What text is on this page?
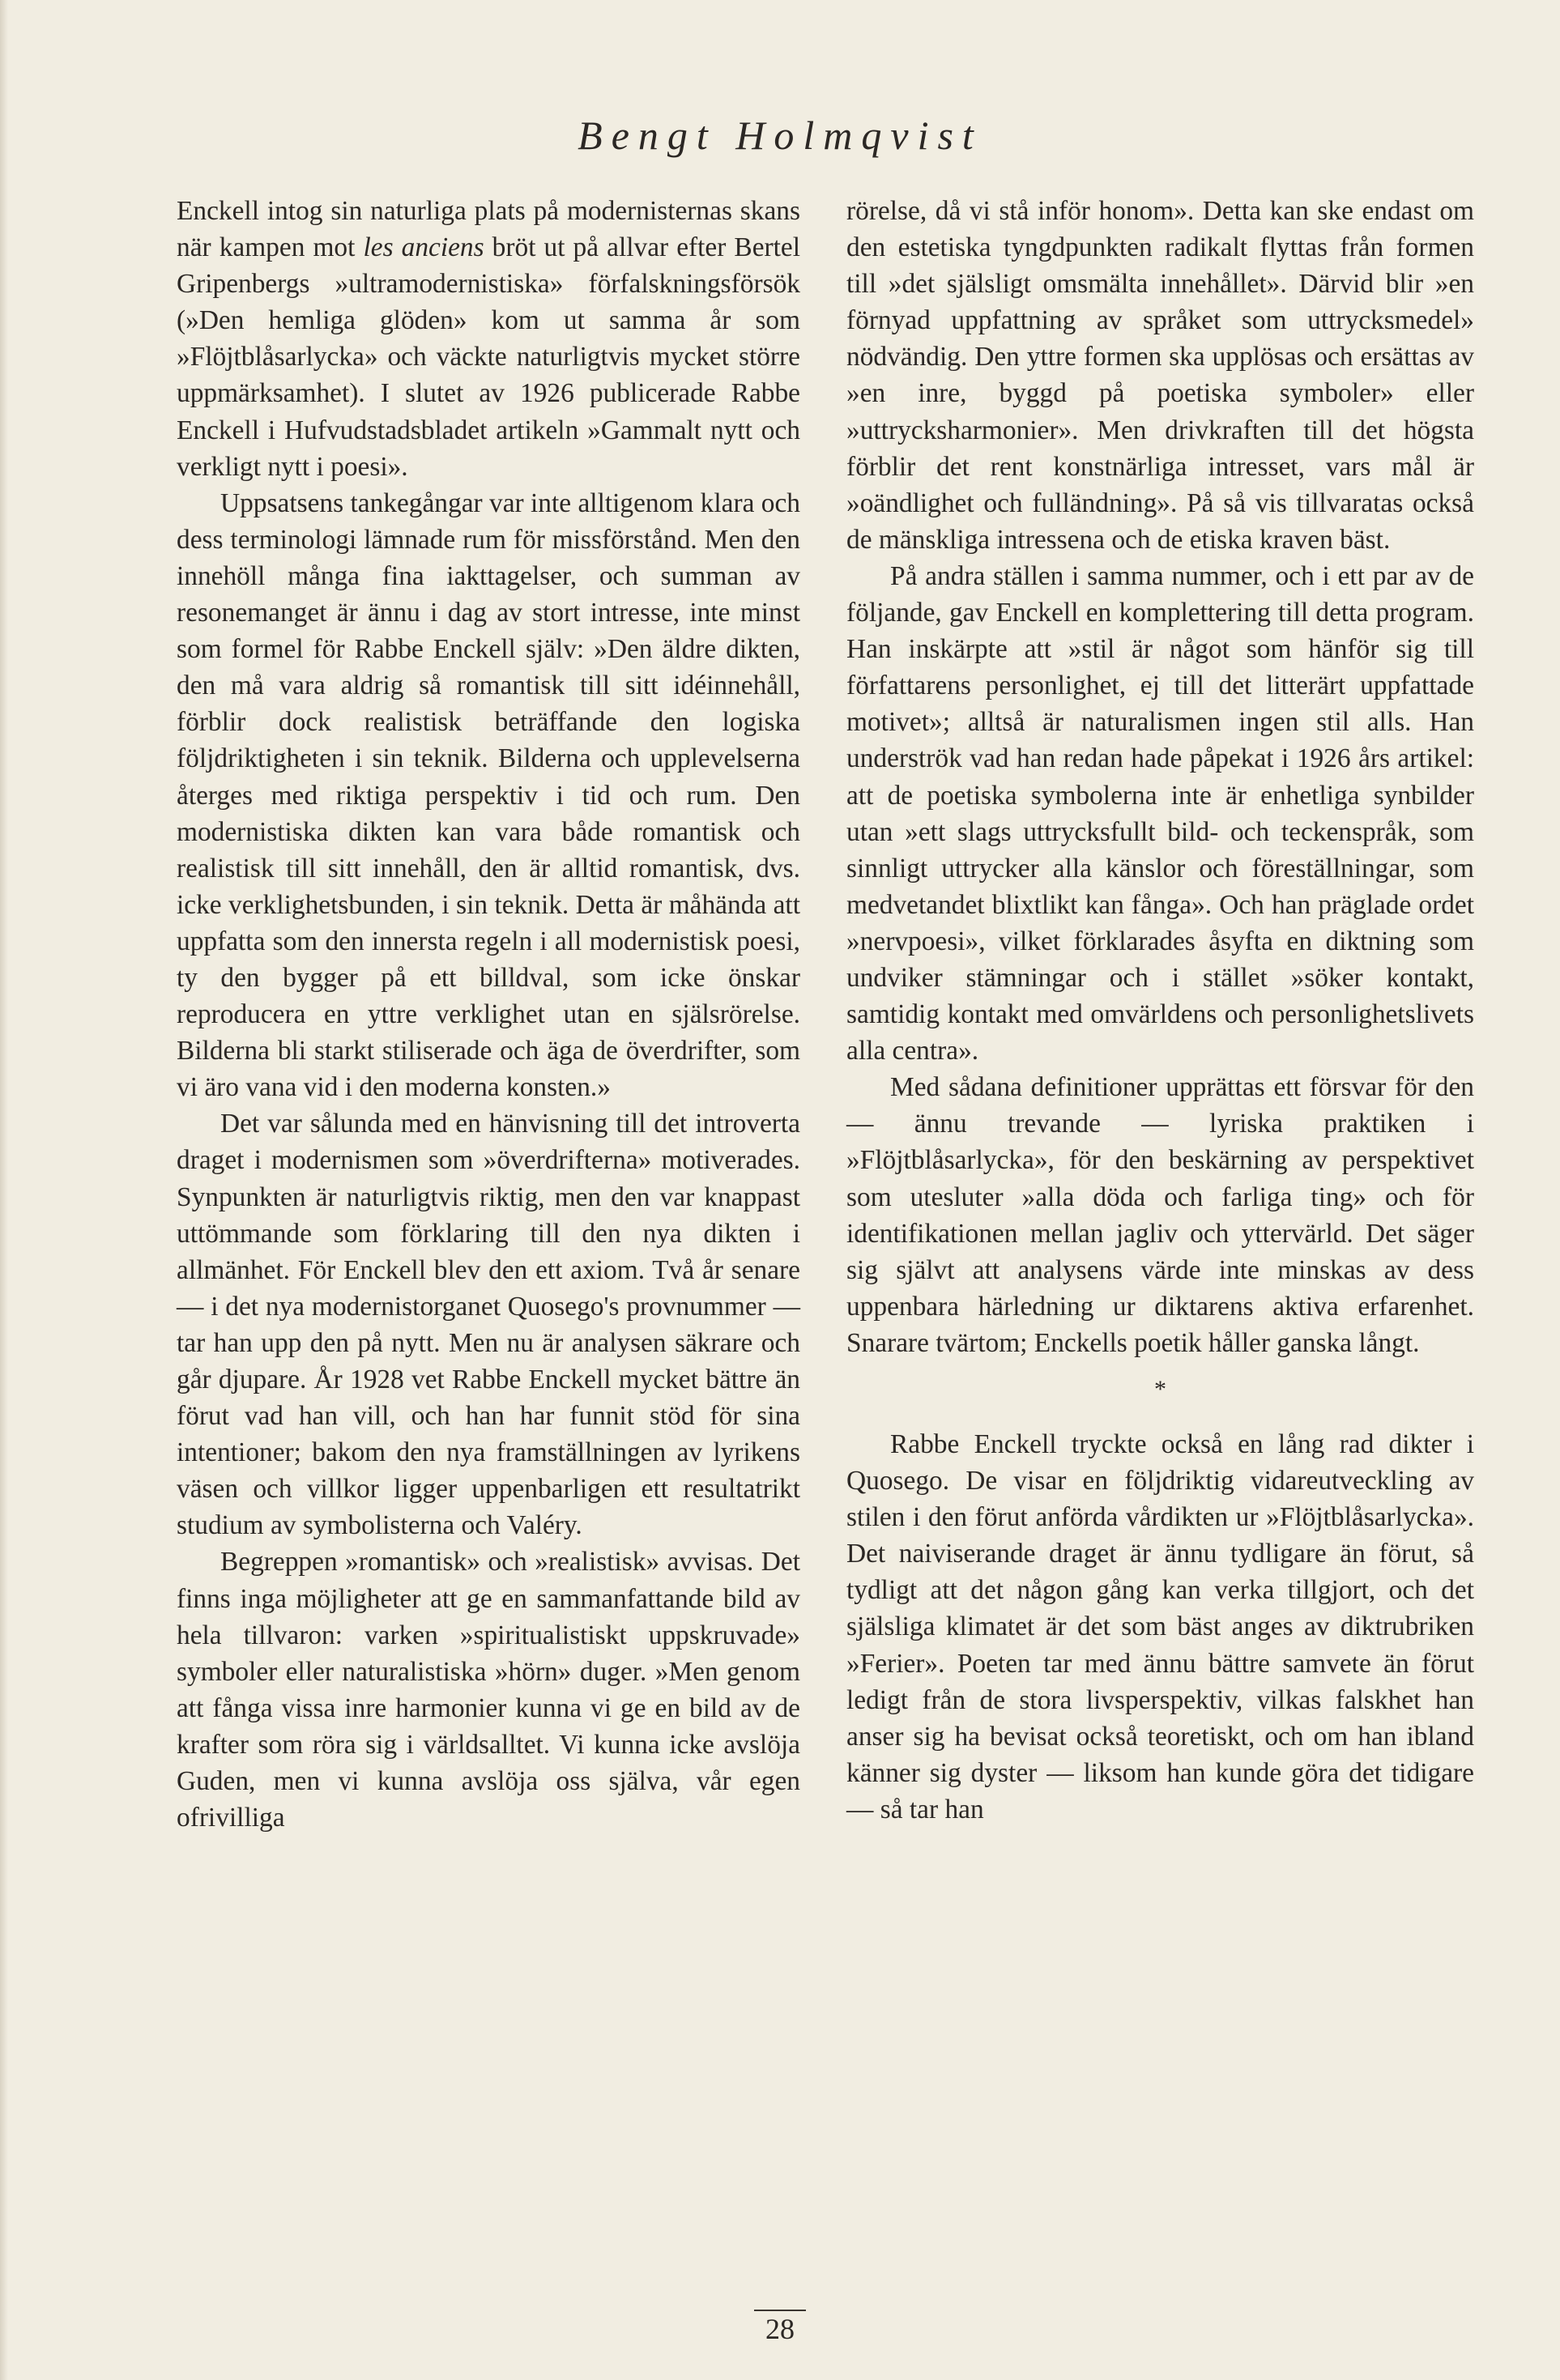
Bengt Holmqvist

Enckell intog sin naturliga plats på modernisternas skans när kampen mot les anciens bröt ut på allvar efter Bertel Gripenbergs »ultramodernistiska» förfalskningsförsök (»Den hemliga glöden» kom ut samma år som »Flöjtblåsarlycka» och väckte naturligtvis mycket större uppmärksamhet). I slutet av 1926 publicerade Rabbe Enckell i Hufvudstadsbladet artikeln »Gammalt nytt och verkligt nytt i poesi».

Uppsatsens tankegångar var inte alltigenom klara och dess terminologi lämnade rum för missförstånd. Men den innehöll många fina iakttagelser, och summan av resonemanget är ännu i dag av stort intresse, inte minst som formel för Rabbe Enckell själv: »Den äldre dikten, den må vara aldrig så romantisk till sitt idéinnehåll, förblir dock realistisk beträffande den logiska följdriktigheten i sin teknik. Bilderna och upplevelserna återges med riktiga perspektiv i tid och rum. Den modernistiska dikten kan vara både romantisk och realistisk till sitt innehåll, den är alltid romantisk, dvs. icke verklighetsbunden, i sin teknik. Detta är måhända att uppfatta som den innersta regeln i all modernistisk poesi, ty den bygger på ett billdval, som icke önskar reproducera en yttre verklighet utan en själsrörelse. Bilderna bli starkt stiliserade och äga de överdrifter, som vi äro vana vid i den moderna konsten.»

Det var sålunda med en hänvisning till det introverta draget i modernismen som »överdrifterna» motiverades. Synpunkten är naturligtvis riktig, men den var knappast uttömmande som förklaring till den nya dikten i allmänhet. För Enckell blev den ett axiom. Två år senare — i det nya modernistorganet Quosego's provnummer — tar han upp den på nytt. Men nu är analysen säkrare och går djupare. År 1928 vet Rabbe Enckell mycket bättre än förut vad han vill, och han har funnit stöd för sina intentioner; bakom den nya framställningen av lyrikens väsen och villkor ligger uppenbarligen ett resultatrikt studium av symbolisterna och Valéry.

Begreppen »romantisk» och »realistisk» avvisas. Det finns inga möjligheter att ge en sammanfattande bild av hela tillvaron: varken »spiritualistiskt uppskruvade» symboler eller naturalistiska »hörn» duger. »Men genom att fånga vissa inre harmonier kunna vi ge en bild av de krafter som röra sig i världsalltet. Vi kunna icke avslöja Guden, men vi kunna avslöja oss själva, vår egen ofrivilliga

rörelse, då vi stå inför honom». Detta kan ske endast om den estetiska tyngdpunkten radikalt flyttas från formen till »det själsligt omsmälta innehållet». Därvid blir »en förnyad uppfattning av språket som uttrycksmedel» nödvändig. Den yttre formen ska upplösas och ersättas av »en inre, byggd på poetiska symboler» eller »uttrycksharmonier». Men drivkraften till det högsta förblir det rent konstnärliga intresset, vars mål är »oändlighet och fulländning». På så vis tillvaratas också de mänskliga intressena och de etiska kraven bäst.

På andra ställen i samma nummer, och i ett par av de följande, gav Enckell en komplettering till detta program. Han inskärpte att »stil är något som hänför sig till författarens personlighet, ej till det litterärt uppfattade motivet»; alltså är naturalismen ingen stil alls. Han underströk vad han redan hade påpekat i 1926 års artikel: att de poetiska symbolerna inte är enhetliga synbilder utan »ett slags uttrycksfullt bild- och teckenspråk, som sinnligt uttrycker alla känslor och föreställningar, som medvetandet blixtlikt kan fånga». Och han präglade ordet »nervpoesi», vilket förklarades åsyfta en diktning som undviker stämningar och i stället »söker kontakt, samtidig kontakt med omvärldens och personlighetslivets alla centra».

Med sådana definitioner upprättas ett försvar för den — ännu trevande — lyriska praktiken i »Flöjtblåsarlycka», för den beskärning av perspektivet som utesluter »alla döda och farliga ting» och för identifikationen mellan jagliv och yttervärld. Det säger sig självt att analysens värde inte minskas av dess uppenbara härledning ur diktarens aktiva erfarenhet. Snarare tvärtom; Enckells poetik håller ganska långt.

*

Rabbe Enckell tryckte också en lång rad dikter i Quosego. De visar en följdriktig vidareutveckling av stilen i den förut anförda vårdikten ur »Flöjtblåsarlycka». Det naiviserande draget är ännu tydligare än förut, så tydligt att det någon gång kan verka tillgjort, och det själsliga klimatet är det som bäst anges av diktrubriken »Ferier». Poeten tar med ännu bättre samvete än förut ledigt från de stora livsperspektiv, vilkas falskhet han anser sig ha bevisat också teoretiskt, och om han ibland känner sig dyster — liksom han kunde göra det tidigare — så tar han

28
